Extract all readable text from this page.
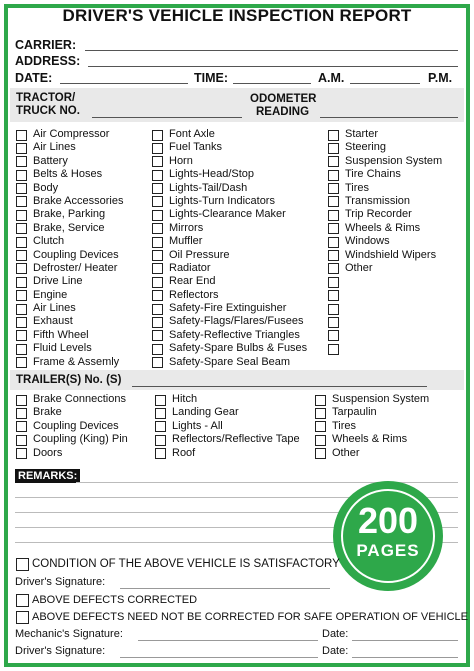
DRIVER'S VEHICLE INSPECTION REPORT
CARRIER:
ADDRESS:
DATE:	TIME:	A.M.	P.M.
TRACTOR/
TRUCK NO.
ODOMETER
READING
Air Compressor
Air Lines
Battery
Belts & Hoses
Body
Brake Accessories
Brake, Parking
Brake, Service
Clutch
Coupling Devices
Defroster/ Heater
Drive Line
Engine
Air Lines
Exhaust
Fifth Wheel
Fluid Levels
Frame & Assemly
Font Axle
Fuel Tanks
Horn
Lights-Head/Stop
Lights-Tail/Dash
Lights-Turn Indicators
Lights-Clearance Maker
Mirrors
Muffler
Oil Pressure
Radiator
Rear End
Reflectors
Safety-Fire Extinguisher
Safety-Flags/Flares/Fusees
Safety-Reflective Triangles
Safety-Spare Bulbs & Fuses
Safety-Spare Seal Beam
Starter
Steering
Suspension System
Tire Chains
Tires
Transmission
Trip Recorder
Wheels & Rims
Windows
Windshield Wipers
Other
TRAILER(S) No. (S)
Brake Connections
Brake
Coupling Devices
Coupling (King) Pin
Doors
Hitch
Landing Gear
Lights - All
Reflectors/Reflective Tape
Roof
Suspension System
Tarpaulin
Tires
Wheels & Rims
Other
REMARKS:
200
PAGES
CONDITION OF THE ABOVE VEHICLE IS SATISFACTORY
Driver's Signature:
ABOVE DEFECTS CORRECTED
ABOVE DEFECTS NEED NOT BE CORRECTED FOR SAFE OPERATION OF VEHICLE
Mechanic's Signature:	Date:
Driver's Signature:	Date:
